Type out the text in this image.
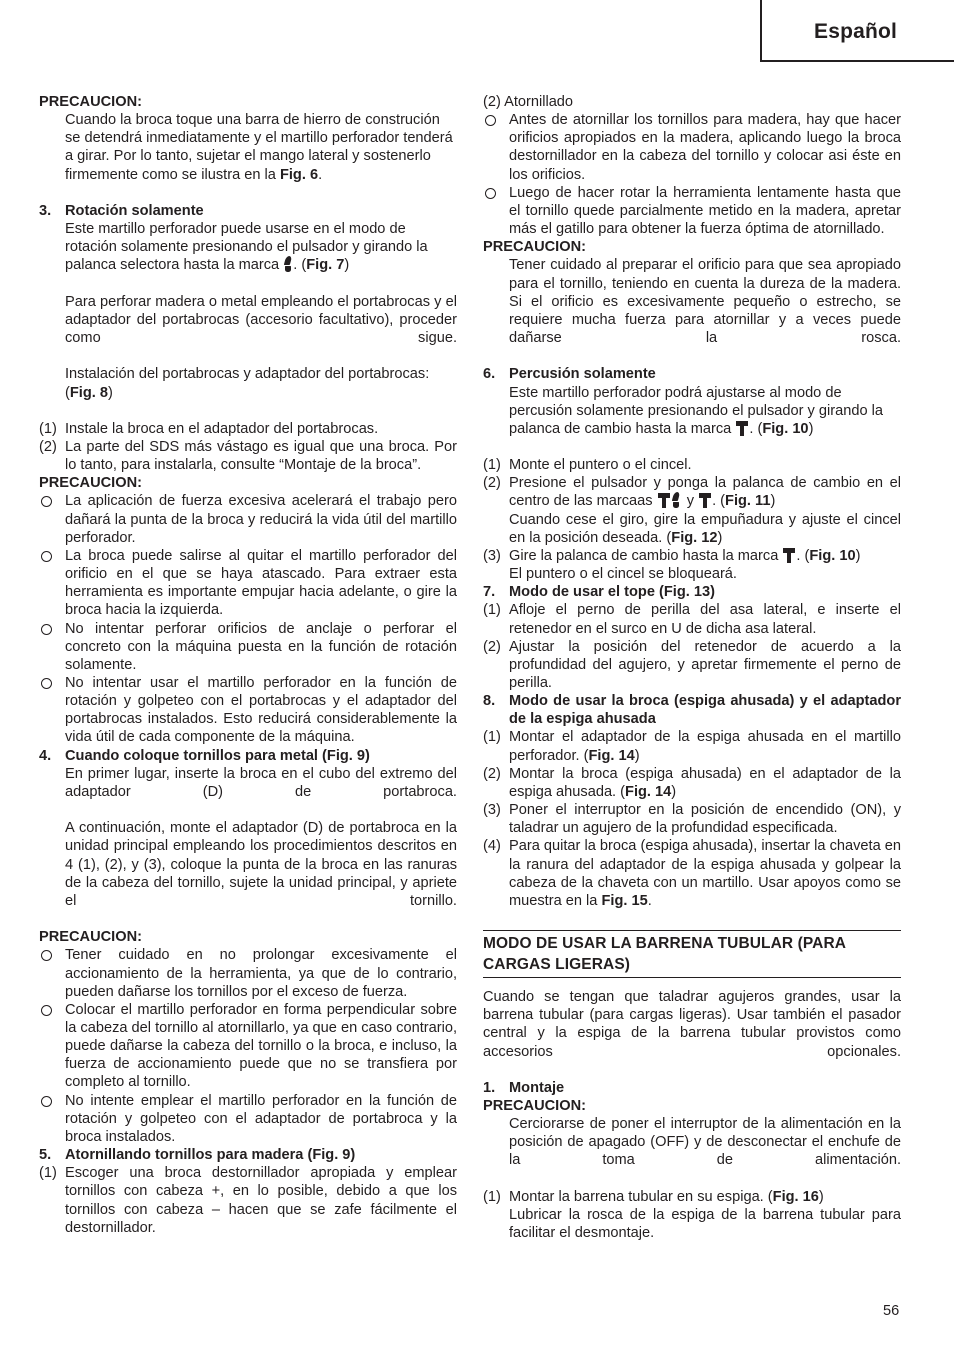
Español
PRECAUCION:
Cuando la broca toque una barra de hierro de construción se detendrá inmediatamente y el martillo perforador tenderá a girar. Por lo tanto, sujetar el mango lateral y sostenerlo firmemente como se ilustra en la Fig. 6.
3. Rotación solamente
Este martillo perforador puede usarse en el modo de rotación solamente presionando el pulsador y girando la palanca selectora hasta la marca . (Fig. 7)
Para perforar madera o metal empleando el portabrocas y el adaptador del portabrocas (accesorio facultativo), proceder como sigue.
Instalación del portabrocas y adaptador del portabrocas: (Fig. 8)
(1) Instale la broca en el adaptador del portabrocas.
(2) La parte del SDS más vástago es igual que una broca. Por lo tanto, para instalarla, consulte “Montaje de la broca”.
PRECAUCION:
La aplicación de fuerza excesiva acelerará el trabajo pero dañará la punta de la broca y reducirá la vida útil del martillo perforador.
La broca puede salirse al quitar el martillo perforador del orificio en el que se haya atascado. Para extraer esta herramienta es importante empujar hacia adelante, o gire la broca hacia la izquierda.
No intentar perforar orificios de anclaje o perforar el concreto con la máquina puesta en la función de rotación solamente.
No intentar usar el martillo perforador en la función de rotación y golpeteo con el portabrocas y el adaptador del portabrocas instalados. Esto reducirá considerablemente la vida útil de cada componente de la máquina.
4. Cuando coloque tornillos para metal (Fig. 9)
En primer lugar, inserte la broca en el cubo del extremo del adaptador (D) de portabroca.
A continuación, monte el adaptador (D) de portabroca en la unidad principal empleando los procedimientos descritos en 4 (1), (2), y (3), coloque la punta de la broca en las ranuras de la cabeza del tornillo, sujete la unidad principal, y apriete el tornillo.
PRECAUCION:
Tener cuidado en no prolongar excesivamente el accionamiento de la herramienta, ya que de lo contrario, pueden dañarse los tornillos por el exceso de fuerza.
Colocar el martillo perforador en forma perpendicular sobre la cabeza del tornillo al atornillarlo, ya que en caso contrario, puede dañarse la cabeza del tornillo o la broca, e incluso, la fuerza de accionamiento puede que no se transfiera por completo al tornillo.
No intente emplear el martillo perforador en la función de rotación y golpeteo con el adaptador de portabroca y la broca instalados.
5. Atornillando tornillos para madera (Fig. 9)
(1) Escoger una broca destornillador apropiada y emplear tornillos con cabeza +, en lo posible, debido a que los tornillos con cabeza – hacen que se zafe fácilmente el destornillador.
(2) Atornillado
Antes de atornillar los tornillos para madera, hay que hacer orificios apropiados en la madera, aplicando luego la broca destornillador en la cabeza del tornillo y colocar asi éste en los orificios.
Luego de hacer rotar la herramienta lentamente hasta que el tornillo quede parcialmente metido en la madera, apretar más el gatillo para obtener la fuerza óptima de atornillado.
PRECAUCION:
Tener cuidado al preparar el orificio para que sea apropiado para el tornillo, teniendo en cuenta la dureza de la madera. Si el orificio es excesivamente pequeño o estrecho, se requiere mucha fuerza para atornillar y a veces puede dañarse la rosca.
6. Percusión solamente
Este martillo perforador podrá ajustarse al modo de percusión solamente presionando el pulsador y girando la palanca de cambio hasta la marca . (Fig. 10)
(1) Monte el puntero o el cincel.
(2) Presione el pulsador y ponga la palanca de cambio en el centro de las marcaas y . (Fig. 11)
Cuando cese el giro, gire la empuñadura y ajuste el cincel en la posición deseada. (Fig. 12)
(3) Gire la palanca de cambio hasta la marca . (Fig. 10)
El puntero o el cincel se bloqueará.
7. Modo de usar el tope (Fig. 13)
(1) Afloje el perno de perilla del asa lateral, e inserte el retenedor en el surco en U de dicha asa lateral.
(2) Ajustar la posición del retenedor de acuerdo a la profundidad del agujero, y apretar firmemente el perno de perilla.
8. Modo de usar la broca (espiga ahusada) y el adaptador de la espiga ahusada
(1) Montar el adaptador de la espiga ahusada en el martillo perforador. (Fig. 14)
(2) Montar la broca (espiga ahusada) en el adaptador de la espiga ahusada. (Fig. 14)
(3) Poner el interruptor en la posición de encendido (ON), y taladrar un agujero de la profundidad especificada.
(4) Para quitar la broca (espiga ahusada), insertar la chaveta en la ranura del adaptador de la espiga ahusada y golpear la cabeza de la chaveta con un martillo. Usar apoyos como se muestra en la Fig. 15.
MODO DE USAR LA BARRENA TUBULAR (PARA CARGAS LIGERAS)
Cuando se tengan que taladrar agujeros grandes, usar la barrena tubular (para cargas ligeras). Usar también el pasador central y la espiga de la barrena tubular provistos como accesorios opcionales.
1. Montaje
PRECAUCION:
Cerciorarse de poner el interruptor de la alimentación en la posición de apagado (OFF) y de desconectar el enchufe de la toma de alimentación.
(1) Montar la barrena tubular en su espiga. (Fig. 16)
Lubricar la rosca de la espiga de la barrena tubular para facilitar el desmontaje.
56
